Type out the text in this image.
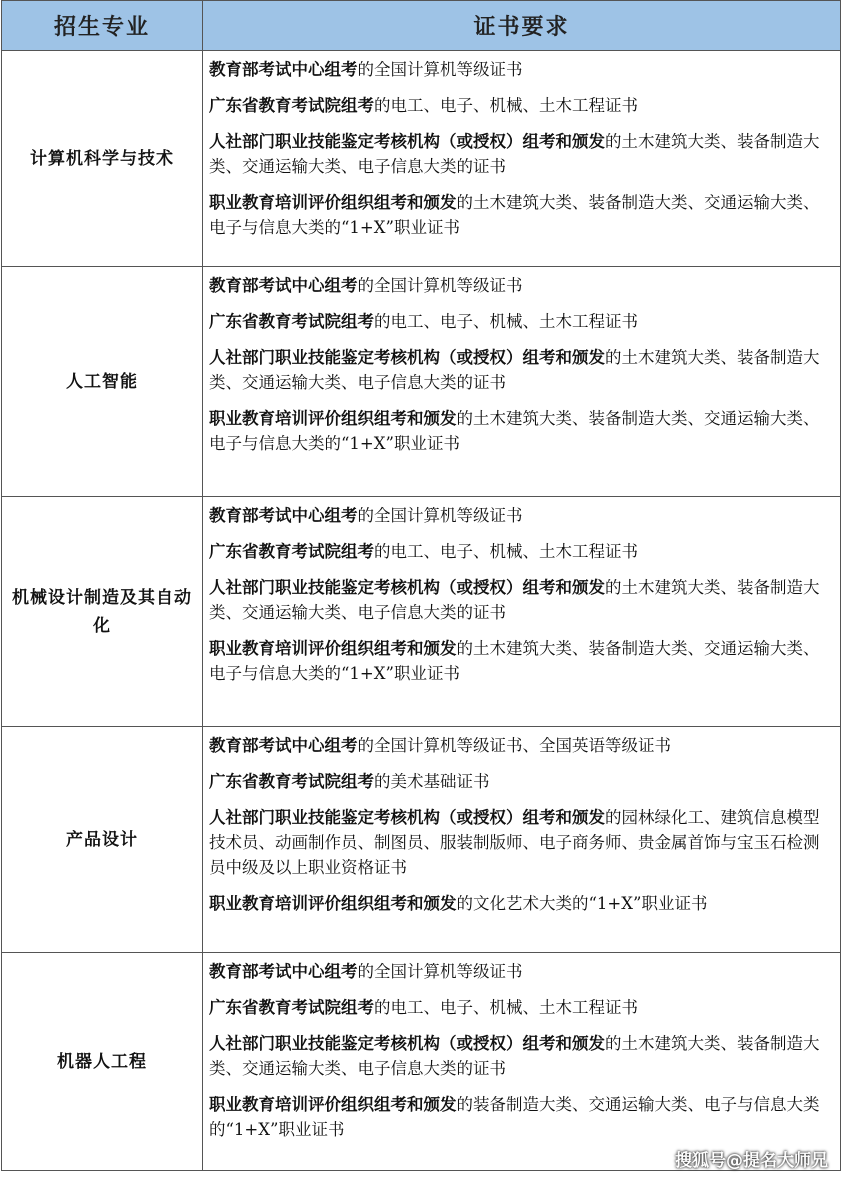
招生专业	证书要求
计算机科学与技术	教育部考试中心组考的全国计算机等级证书
广东省教育考试院组考的电工、电子、机械、土木工程证书
人社部门职业技能鉴定考核机构（或授权）组考和颁发的土木建筑大类、装备制造大类、交通运输大类、电子信息大类的证书
职业教育培训评价组织组考和颁发的土木建筑大类、装备制造大类、交通运输大类、电子与信息大类的“1+X”职业证书

人工智能	教育部考试中心组考的全国计算机等级证书
广东省教育考试院组考的电工、电子、机械、土木工程证书
人社部门职业技能鉴定考核机构（或授权）组考和颁发的土木建筑大类、装备制造大类、交通运输大类、电子信息大类的证书
职业教育培训评价组织组考和颁发的土木建筑大类、装备制造大类、交通运输大类、电子与信息大类的“1+X”职业证书

机械设计制造及其自动化	教育部考试中心组考的全国计算机等级证书
广东省教育考试院组考的电工、电子、机械、土木工程证书
人社部门职业技能鉴定考核机构（或授权）组考和颁发的土木建筑大类、装备制造大类、交通运输大类、电子信息大类的证书
职业教育培训评价组织组考和颁发的土木建筑大类、装备制造大类、交通运输大类、电子与信息大类的“1+X”职业证书

产品设计	教育部考试中心组考的全国计算机等级证书、全国英语等级证书
广东省教育考试院组考的美术基础证书
人社部门职业技能鉴定考核机构（或授权）组考和颁发的园林绿化工、建筑信息模型技术员、动画制作员、制图员、服装制版师、电子商务师、贵金属首饰与宝玉石检测员中级及以上职业资格证书
职业教育培训评价组织组考和颁发的文化艺术大类的“1+X”职业证书

机器人工程	教育部考试中心组考的全国计算机等级证书
广东省教育考试院组考的电工、电子、机械、土木工程证书
人社部门职业技能鉴定考核机构（或授权）组考和颁发的土木建筑大类、装备制造大类、交通运输大类、电子信息大类的证书
职业教育培训评价组织组考和颁发的装备制造大类、交通运输大类、电子与信息大类的“1+X”职业证书
搜狐号@提名大师兄
